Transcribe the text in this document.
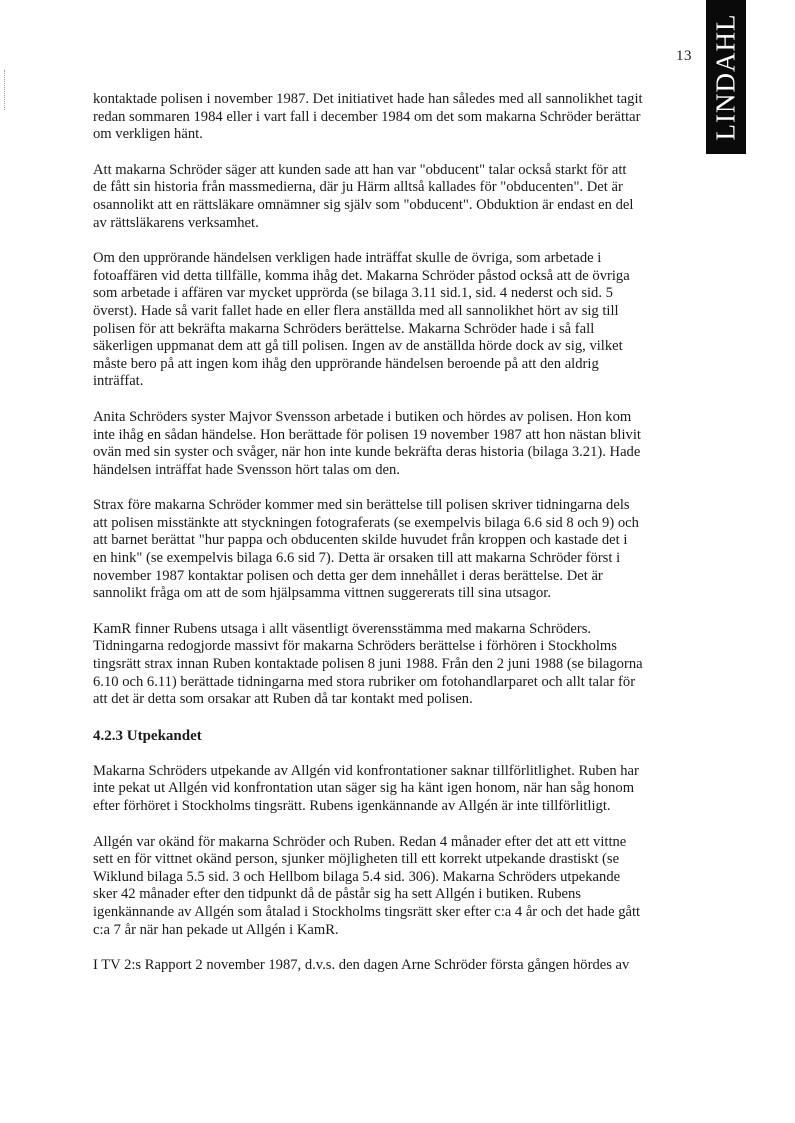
13 LINDAHL

kontaktade polisen i november 1987. Det initiativet hade han således med all sannolikhet tagit
redan sommaren 1984 eller i vart fall i december 1984 om det som makarna Schröder berättar
om verkligen hänt.

Att makarna Schröder säger att kunden sade att han var "obducent" talar också starkt för att
de fått sin historia från massmedierna, där ju Härm alltså kallades för "obducenten". Det är
osannolikt att en rättsläkare omnämner sig själv som "obducent". Obduktion är endast en del
av rättsläkarens verksamhet.

Om den upprörande händelsen verkligen hade inträffat skulle de övriga, som arbetade i
fotoaffären vid detta tillfälle, komma ihåg det. Makarna Schröder påstod också att de övriga
som arbetade i affären var mycket upprörda (se bilaga 3.11 sid.1, sid. 4 nederst och sid. 5
överst). Hade så varit fallet hade en eller flera anställda med all sannolikhet hört av sig till
polisen för att bekräfta makarna Schröders berättelse. Makarna Schröder hade i så fall
säkerligen uppmanat dem att gå till polisen. Ingen av de anställda hörde dock av sig, vilket
måste bero på att ingen kom ihåg den upprörande händelsen beroende på att den aldrig
inträffat.

Anita Schröders syster Majvor Svensson arbetade i butiken och hördes av polisen. Hon kom
inte ihåg en sådan händelse. Hon berättade för polisen 19 november 1987 att hon nästan blivit
ovän med sin syster och svåger, när hon inte kunde bekräfta deras historia (bilaga 3.21). Hade
händelsen inträffat hade Svensson hört talas om den.

Strax före makarna Schröder kommer med sin berättelse till polisen skriver tidningarna dels
att polisen misstänkte att styckningen fotograferats (se exempelvis bilaga 6.6 sid 8 och 9) och
att barnet berättat "hur pappa och obducenten skilde huvudet från kroppen och kastade det i
en hink" (se exempelvis bilaga 6.6 sid 7). Detta är orsaken till att makarna Schröder först i
november 1987 kontaktar polisen och detta ger dem innehållet i deras berättelse. Det är
sannolikt fråga om att de som hjälpsamma vittnen suggererats till sina utsagor.

KamR finner Rubens utsaga i allt väsentligt överensstämma med makarna Schröders.
Tidningarna redogjorde massivt för makarna Schröders berättelse i förhören i Stockholms
tingsrätt strax innan Ruben kontaktade polisen 8 juni 1988. Från den 2 juni 1988 (se bilagorna
6.10 och 6.11) berättade tidningarna med stora rubriker om fotohandlarparet och allt talar för
att det är detta som orsakar att Ruben då tar kontakt med polisen.

4.2.3 Utpekandet

Makarna Schröders utpekande av Allgén vid konfrontationer saknar tillförlitlighet. Ruben har
inte pekat ut Allgén vid konfrontation utan säger sig ha känt igen honom, när han såg honom
efter förhöret i Stockholms tingsrätt. Rubens igenkännande av Allgén är inte tillförlitligt.

Allgén var okänd för makarna Schröder och Ruben. Redan 4 månader efter det att ett vittne
sett en för vittnet okänd person, sjunker möjligheten till ett korrekt utpekande drastiskt (se
Wiklund bilaga 5.5 sid. 3 och Hellbom bilaga 5.4 sid. 306). Makarna Schröders utpekande
sker 42 månader efter den tidpunkt då de påstår sig ha sett Allgén i butiken. Rubens
igenkännande av Allgén som åtalad i Stockholms tingsrätt sker efter c:a 4 år och det hade gått
c:a 7 år när han pekade ut Allgén i KamR.

I TV 2:s Rapport 2 november 1987, d.v.s. den dagen Arne Schröder första gången hördes av
